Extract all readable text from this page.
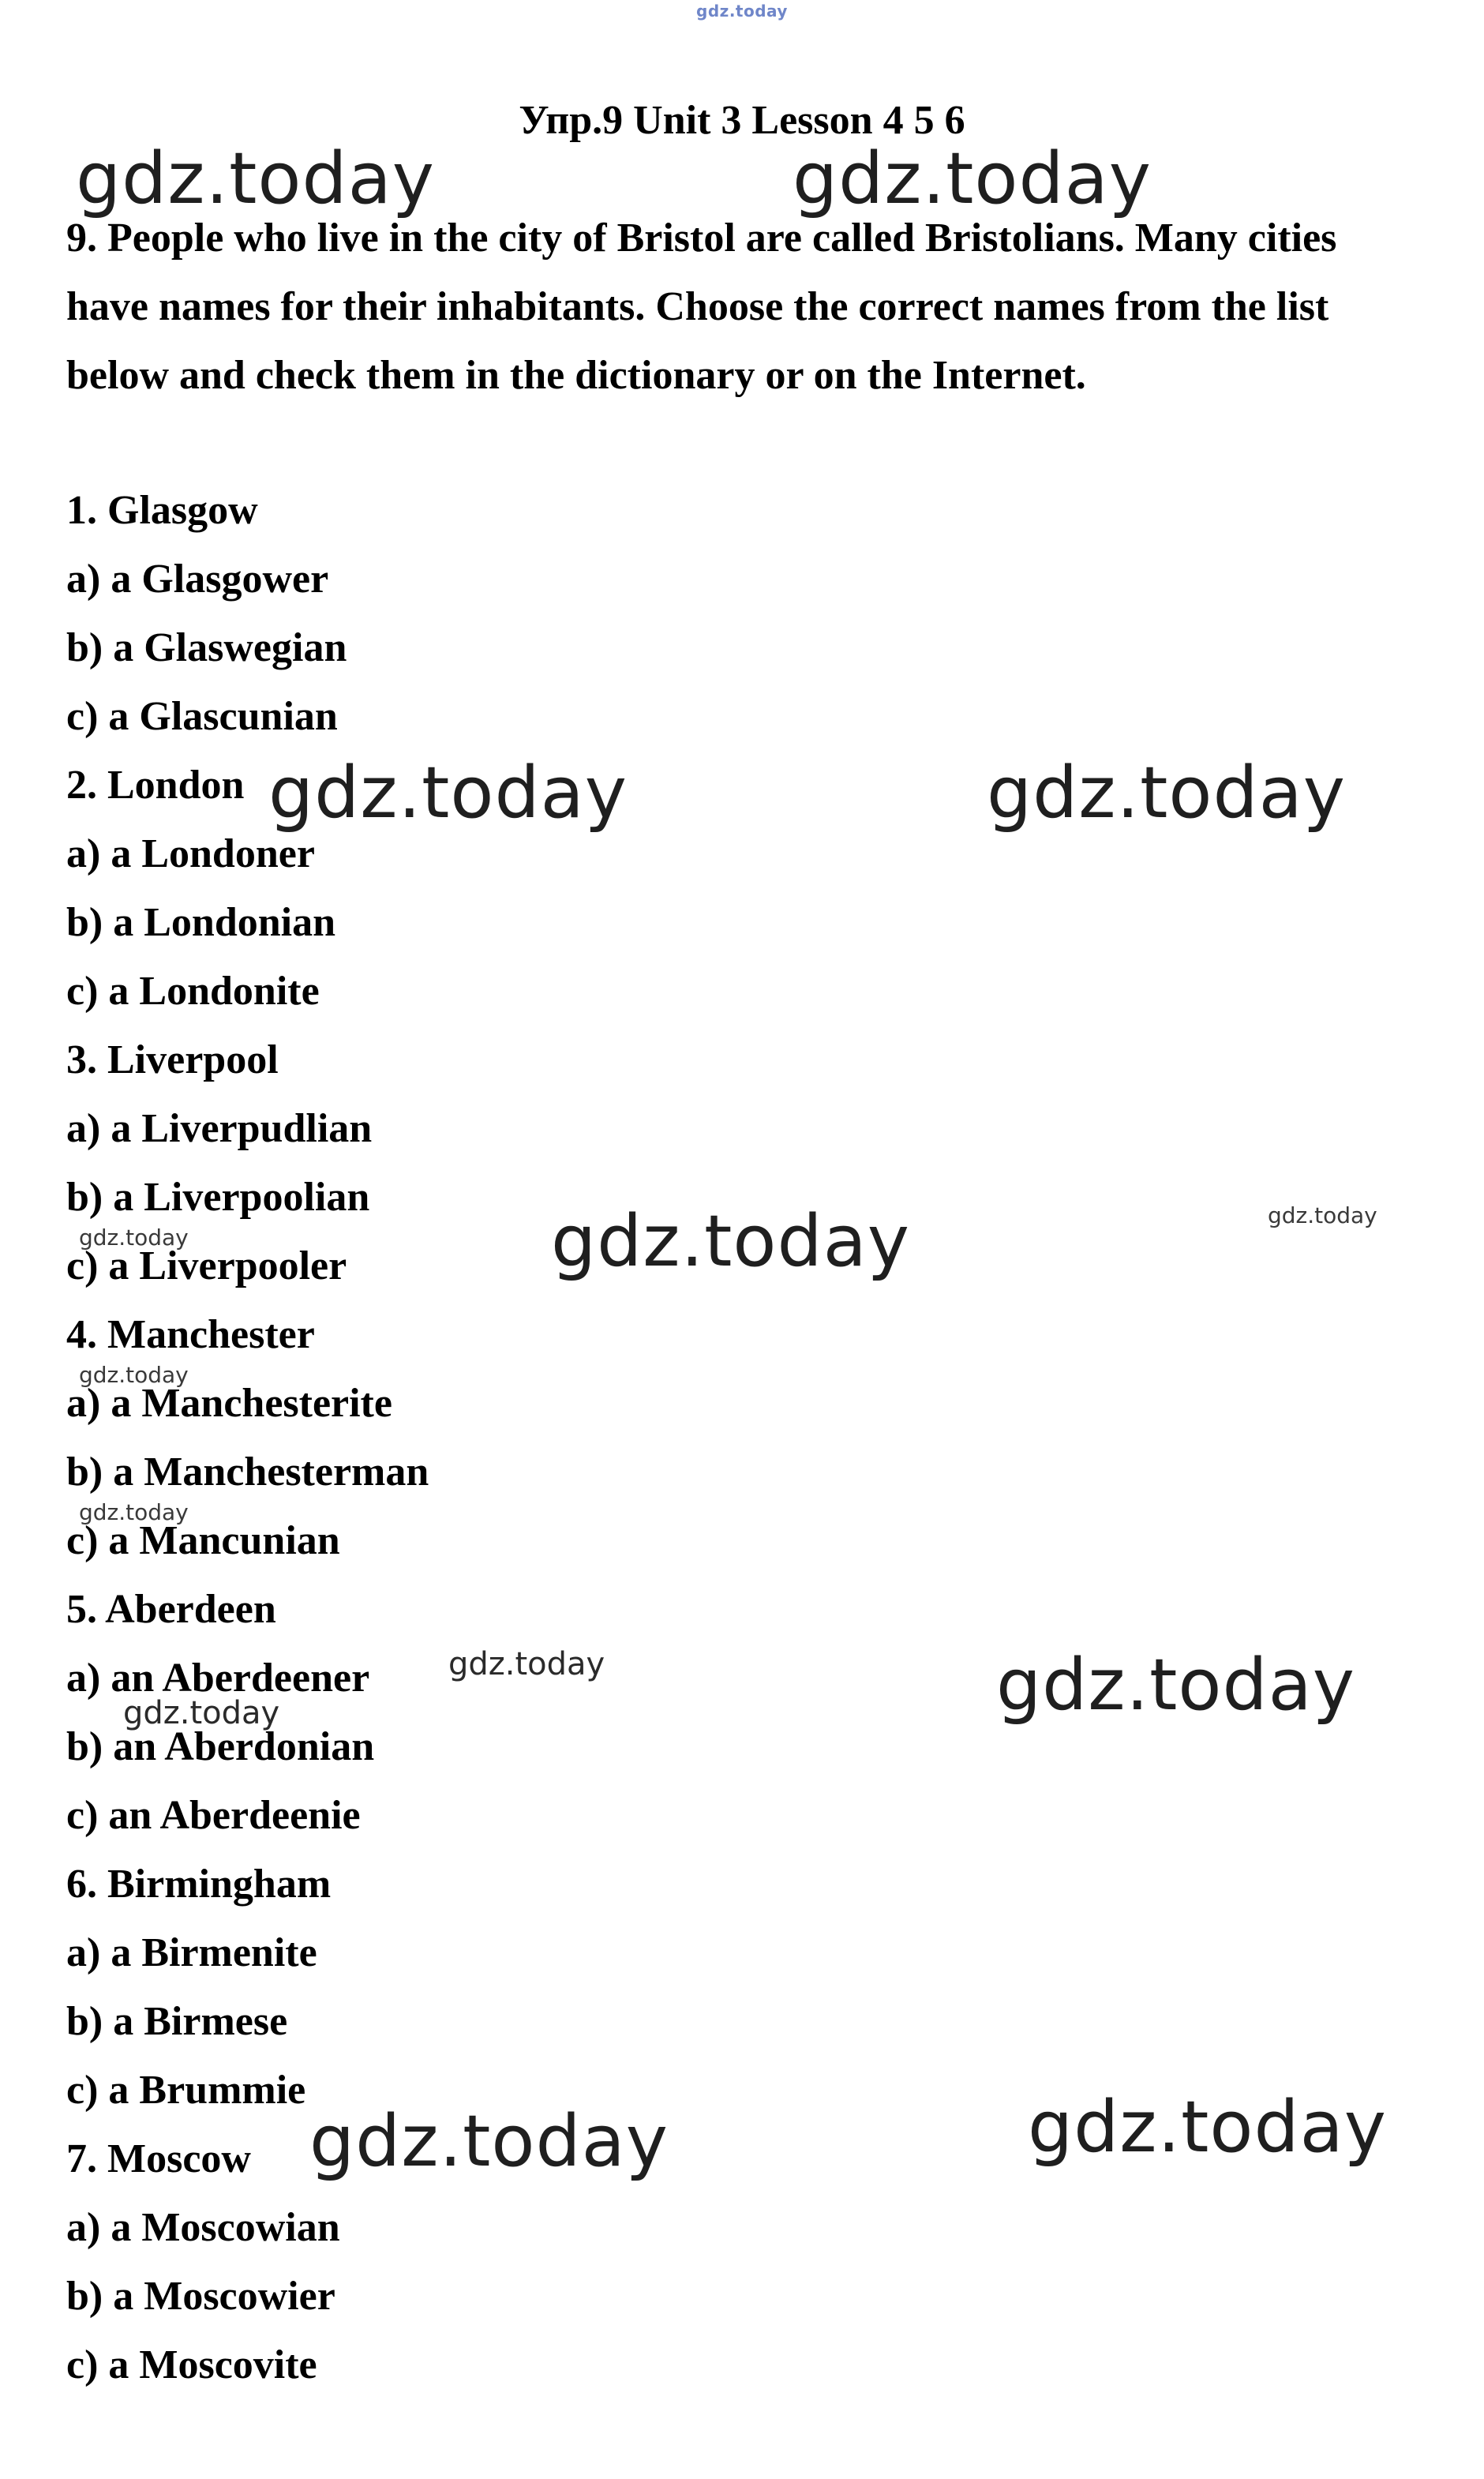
gdz.today
Упр.9 Unit 3 Lesson 4 5 6
9. People who live in the city of Bristol are called Bristolians. Many cities have names for their inhabitants. Choose the correct names from the list below and check them in the dictionary or on the Internet.
1. Glasgow
a) a Glasgower
b) a Glaswegian
c) a Glascunian
2. London
a) a Londoner
b) a Londonian
c) a Londonite
3. Liverpool
a) a Liverpudlian
b) a Liverpoolian
c) a Liverpooler
4. Manchester
a) a Manchesterite
b) a Manchesterman
c) a Mancunian
5. Aberdeen
a) an Aberdeener
b) an Aberdonian
c) an Aberdeenie
6. Birmingham
a) a Birmenite
b) a Birmese
c) a Brummie
7. Moscow
a) a Moscowian
b) a Moscowier
c) a Moscovite
gdz.today	gdz.today
gdz.today	gdz.today
gdz.today	gdz.today
gdz.today
gdz.today
gdz.today
gdz.today	gdz.today
gdz.today
gdz.today
gdz.today
